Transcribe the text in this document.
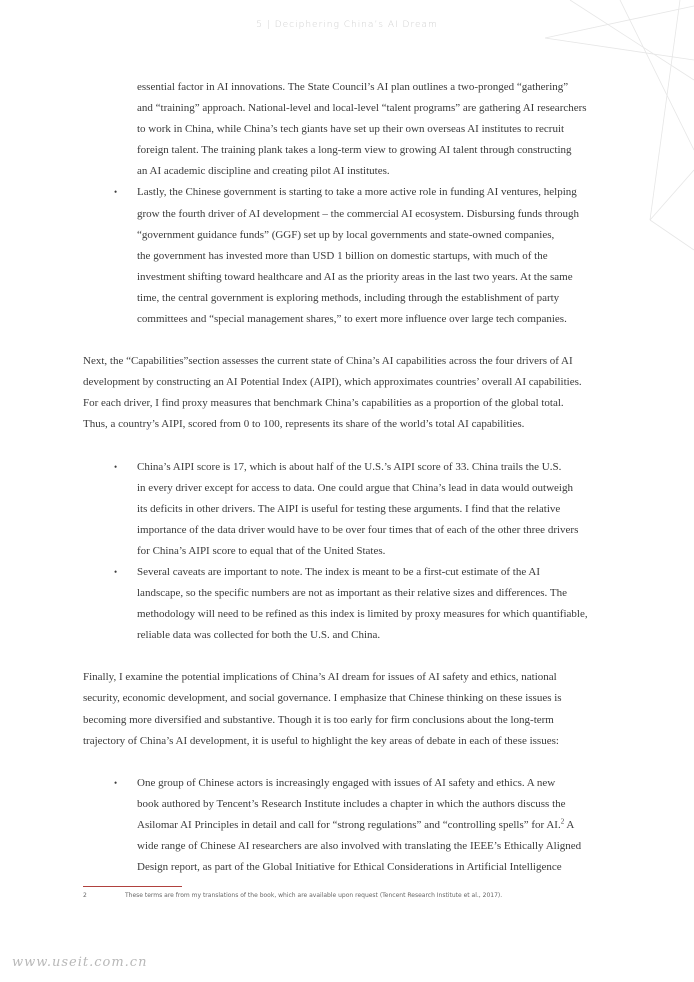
5 | Deciphering China’s AI Dream
essential factor in AI innovations. The State Council’s AI plan outlines a two-pronged “gathering”
and “training” approach. National-level and local-level “talent programs” are gathering AI researchers
to work in China, while China’s tech giants have set up their own overseas AI institutes to recruit
foreign talent. The training plank takes a long-term view to growing AI talent through constructing
an AI academic discipline and creating pilot AI institutes.
• Lastly, the Chinese government is starting to take a more active role in funding AI ventures, helping
grow the fourth driver of AI development – the commercial AI ecosystem. Disbursing funds through
“government guidance funds” (GGF) set up by local governments and state-owned companies,
the government has invested more than USD 1 billion on domestic startups, with much of the
investment shifting toward healthcare and AI as the priority areas in the last two years. At the same
time, the central government is exploring methods, including through the establishment of party
committees and “special management shares,” to exert more influence over large tech companies.

Next, the “Capabilities”section assesses the current state of China’s AI capabilities across the four drivers of AI
development by constructing an AI Potential Index (AIPI), which approximates countries’ overall AI capabilities.
For each driver, I find proxy measures that benchmark China’s capabilities as a proportion of the global total.
Thus, a country’s AIPI, scored from 0 to 100, represents its share of the world’s total AI capabilities.

• China’s AIPI score is 17, which is about half of the U.S.’s AIPI score of 33. China trails the U.S.
in every driver except for access to data. One could argue that China’s lead in data would outweigh
its deficits in other drivers. The AIPI is useful for testing these arguments. I find that the relative
importance of the data driver would have to be over four times that of each of the other three drivers
for China’s AIPI score to equal that of the United States.
• Several caveats are important to note. The index is meant to be a first-cut estimate of the AI
landscape, so the specific numbers are not as important as their relative sizes and differences. The
methodology will need to be refined as this index is limited by proxy measures for which quantifiable,
reliable data was collected for both the U.S. and China.

Finally, I examine the potential implications of China’s AI dream for issues of AI safety and ethics, national
security, economic development, and social governance. I emphasize that Chinese thinking on these issues is
becoming more diversified and substantive. Though it is too early for firm conclusions about the long-term
trajectory of China’s AI development, it is useful to highlight the key areas of debate in each of these issues:

• One group of Chinese actors is increasingly engaged with issues of AI safety and ethics. A new
book authored by Tencent’s Research Institute includes a chapter in which the authors discuss the
Asilomar AI Principles in detail and call for “strong regulations” and “controlling spells” for AI.$^2$ A
wide range of Chinese AI researchers are also involved with translating the IEEE’s Ethically Aligned
Design report, as part of the Global Initiative for Ethical Considerations in Artificial Intelligence
2	These terms are from my translations of the book, which are available upon request (Tencent Research Institute et al., 2017).
www.useit.com.cn
